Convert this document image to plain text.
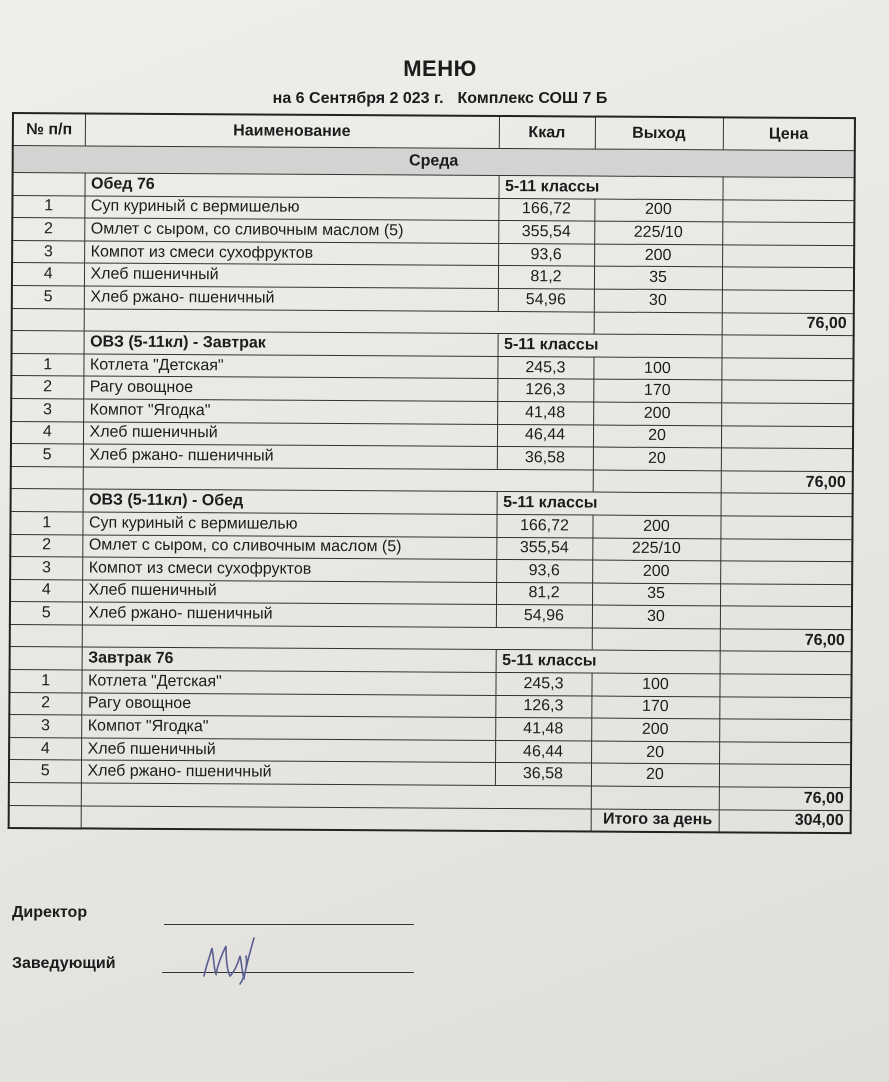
МЕНЮ
на 6 Сентября 2 023 г. Комплекс СОШ 7 Б
№ п/п	Наименование	Ккал	Выход	Цена
Среда				
	Обед 76	5-11 классы		
1	Суп куриный с вермишелью	166,72	200	
2	Омлет с сыром, со сливочным маслом (5)	355,54	225/10	
3	Компот из смеси сухофруктов	93,6	200	
4	Хлеб пшеничный	81,2	35	
5	Хлеб ржано- пшеничный	54,96	30	
				76,00
	ОВЗ (5-11кл) - Завтрак	5-11 классы		
1	Котлета "Детская"	245,3	100	
2	Рагу овощное	126,3	170	
3	Компот "Ягодка"	41,48	200	
4	Хлеб пшеничный	46,44	20	
5	Хлеб ржано- пшеничный	36,58	20	
				76,00
	ОВЗ (5-11кл) - Обед	5-11 классы		
1	Суп куриный с вермишелью	166,72	200	
2	Омлет с сыром, со сливочным маслом (5)	355,54	225/10	
3	Компот из смеси сухофруктов	93,6	200	
4	Хлеб пшеничный	81,2	35	
5	Хлеб ржано- пшеничный	54,96	30	
				76,00
	Завтрак 76	5-11 классы		
1	Котлета "Детская"	245,3	100	
2	Рагу овощное	126,3	170	
3	Компот "Ягодка"	41,48	200	
4	Хлеб пшеничный	46,44	20	
5	Хлеб ржано- пшеничный	36,58	20	
				76,00
			Итого за день	304,00
Директор
Заведующий
